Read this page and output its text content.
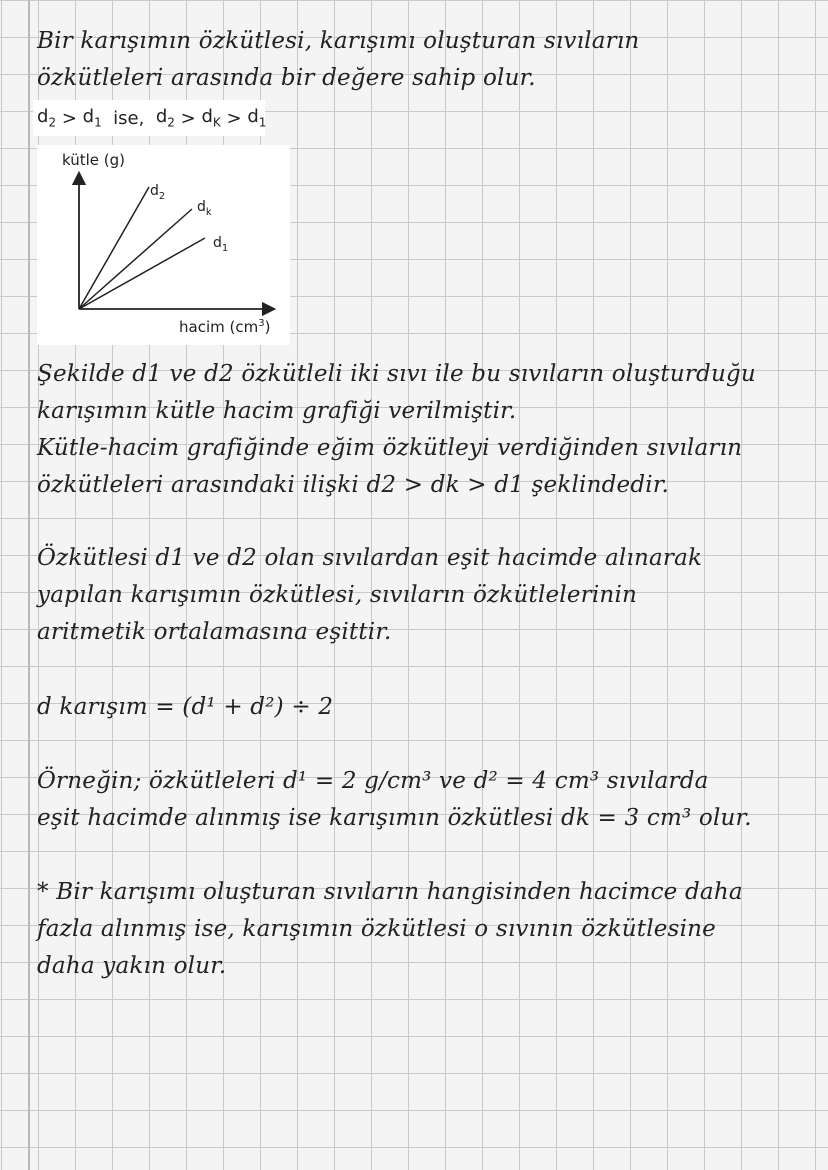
Bir karışımın özkütlesi, karışımı oluşturan sıvıların

özkütleleri arasında bir değere sahip olur.

$d_2$
>
$d_1$
ise,
$d_2$
>
$d_K$
>
$d_1$
kütle (g)
$d_2$
$d_k$
$d_1$
hacim $(cm^3)$

Şekilde d1 ve d2 özkütleli iki sıvı ile bu sıvıların oluşturduğu

karışımın kütle hacim grafiği verilmiştir.

Kütle-hacim grafiğinde eğim özkütleyi verdiğinden sıvıların

özkütleleri arasındaki ilişki d2 > dk > d1 şeklindedir.

Özkütlesi d1 ve d2 olan sıvılardan eşit hacimde alınarak

yapılan karışımın özkütlesi, sıvıların özkütlelerinin

aritmetik ortalamasına eşittir.

d karışım = (d¹ + d²) ÷ 2

Örneğin; özkütleleri d¹ = 2 g/cm³ ve d² = 4 cm³ sıvılarda

eşit hacimde alınmış ise karışımın özkütlesi dk = 3 cm³ olur.

* Bir karışımı oluşturan sıvıların hangisinden hacimce daha

fazla alınmış ise, karışımın özkütlesi o sıvının özkütlesine

daha yakın olur.
